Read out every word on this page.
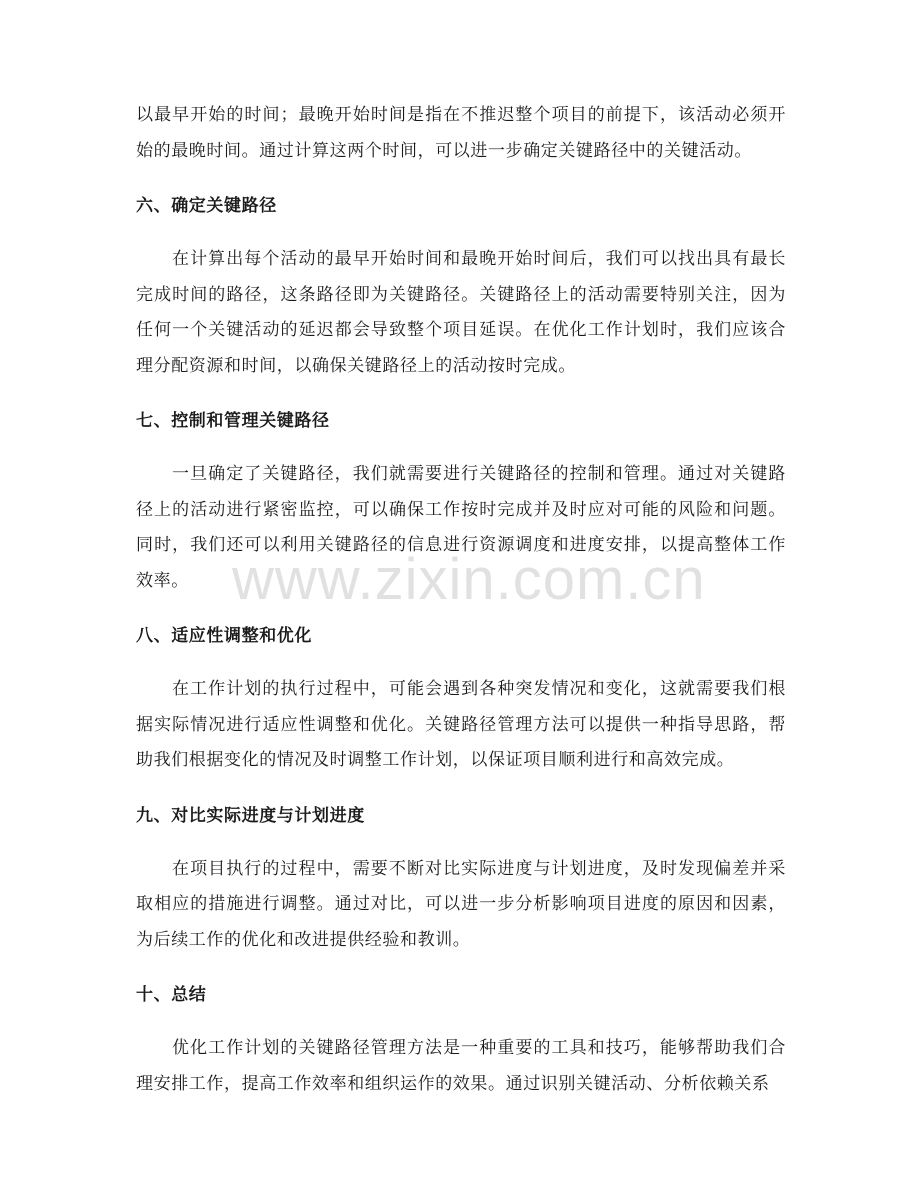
以最早开始的时间；最晚开始时间是指在不推迟整个项目的前提下，该活动必须开始的最晚时间。通过计算这两个时间，可以进一步确定关键路径中的关键活动。

六、确定关键路径

在计算出每个活动的最早开始时间和最晚开始时间后，我们可以找出具有最长完成时间的路径，这条路径即为关键路径。关键路径上的活动需要特别关注，因为任何一个关键活动的延迟都会导致整个项目延误。在优化工作计划时，我们应该合理分配资源和时间，以确保关键路径上的活动按时完成。

七、控制和管理关键路径

一旦确定了关键路径，我们就需要进行关键路径的控制和管理。通过对关键路径上的活动进行紧密监控，可以确保工作按时完成并及时应对可能的风险和问题。同时，我们还可以利用关键路径的信息进行资源调度和进度安排，以提高整体工作效率。

八、适应性调整和优化

在工作计划的执行过程中，可能会遇到各种突发情况和变化，这就需要我们根据实际情况进行适应性调整和优化。关键路径管理方法可以提供一种指导思路，帮助我们根据变化的情况及时调整工作计划，以保证项目顺利进行和高效完成。

九、对比实际进度与计划进度

在项目执行的过程中，需要不断对比实际进度与计划进度，及时发现偏差并采取相应的措施进行调整。通过对比，可以进一步分析影响项目进度的原因和因素，为后续工作的优化和改进提供经验和教训。

十、总结

优化工作计划的关键路径管理方法是一种重要的工具和技巧，能够帮助我们合理安排工作，提高工作效率和组织运作的效果。通过识别关键活动、分析依赖关系

www.zixin.com.cn
